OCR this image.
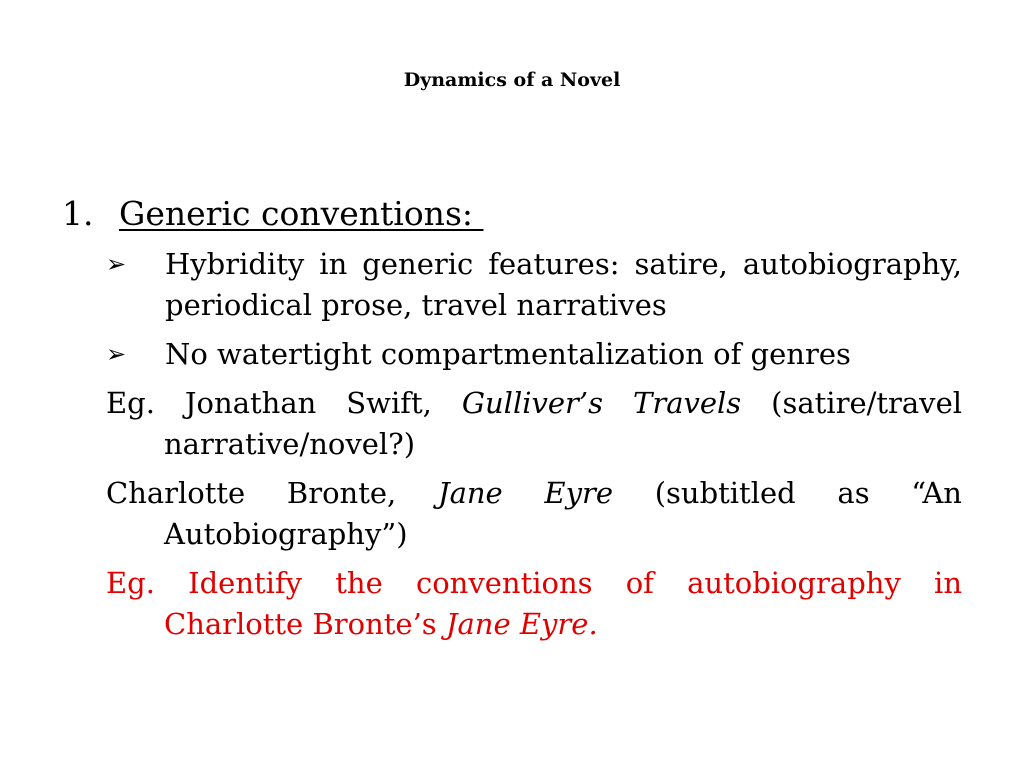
Dynamics of a Novel
1. Generic conventions:
➢	Hybridity in generic features: satire, autobiography, periodical prose, travel narratives
➢	No watertight compartmentalization of genres
Eg. Jonathan Swift, Gulliver’s Travels (satire/travel narrative/novel?)
Charlotte Bronte, Jane Eyre (subtitled as “An Autobiography”)
Eg. Identify the conventions of autobiography in Charlotte Bronte’s Jane Eyre.
